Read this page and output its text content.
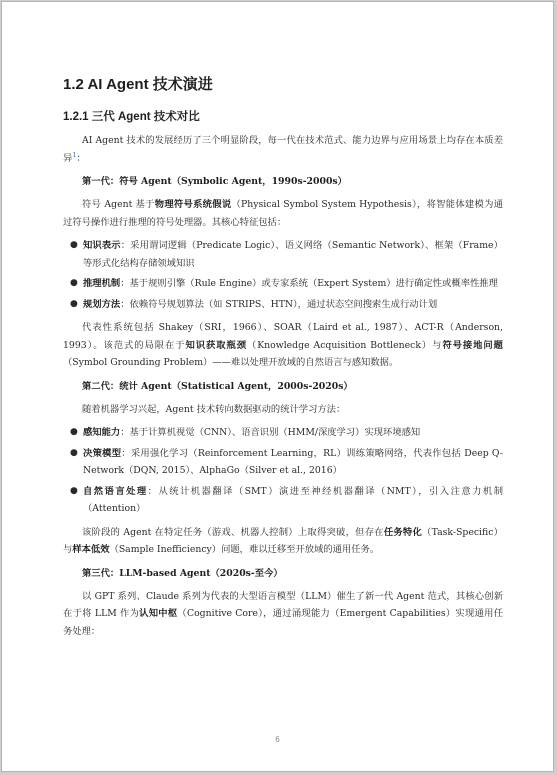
1.2 AI Agent 技术演进
1.2.1 三代 Agent 技术对比

AI Agent 技术的发展经历了三个明显阶段，每一代在技术范式、能力边界与应用场景上均存在本质差异$^1$：

第一代：符号 Agent（Symbolic Agent，1990s-2000s）

符号 Agent 基于物理符号系统假说（Physical Symbol System Hypothesis），将智能体建模为通过符号操作进行推理的符号处理器。其核心特征包括：

● 知识表示：采用谓词逻辑（Predicate Logic）、语义网络（Semantic Network）、框架（Frame）等形式化结构存储领域知识
● 推理机制：基于规则引擎（Rule Engine）或专家系统（Expert System）进行确定性或概率性推理
● 规划方法：依赖符号规划算法（如 STRIPS、HTN），通过状态空间搜索生成行动计划

代表性系统包括 Shakey（SRI，1966）、SOAR（Laird et al., 1987）、ACT-R（Anderson, 1993）。该范式的局限在于知识获取瓶颈（Knowledge Acquisition Bottleneck）与符号接地问题（Symbol Grounding Problem）——难以处理开放域的自然语言与感知数据。

第二代：统计 Agent（Statistical Agent，2000s-2020s）

随着机器学习兴起，Agent 技术转向数据驱动的统计学习方法：

● 感知能力：基于计算机视觉（CNN）、语音识别（HMM/深度学习）实现环境感知
● 决策模型：采用强化学习（Reinforcement Learning，RL）训练策略网络，代表作包括 Deep Q-Network（DQN, 2015）、AlphaGo（Silver et al., 2016）
● 自然语言处理：从统计机器翻译（SMT）演进至神经机器翻译（NMT），引入注意力机制（Attention）

该阶段的 Agent 在特定任务（游戏、机器人控制）上取得突破，但存在任务特化（Task-Specific）与样本低效（Sample Inefficiency）问题，难以迁移至开放域的通用任务。

第三代：LLM-based Agent（2020s-至今）

以 GPT 系列、Claude 系列为代表的大型语言模型（LLM）催生了新一代 Agent 范式，其核心创新在于将 LLM 作为认知中枢（Cognitive Core），通过涌现能力（Emergent Capabilities）实现通用任务处理：

6
